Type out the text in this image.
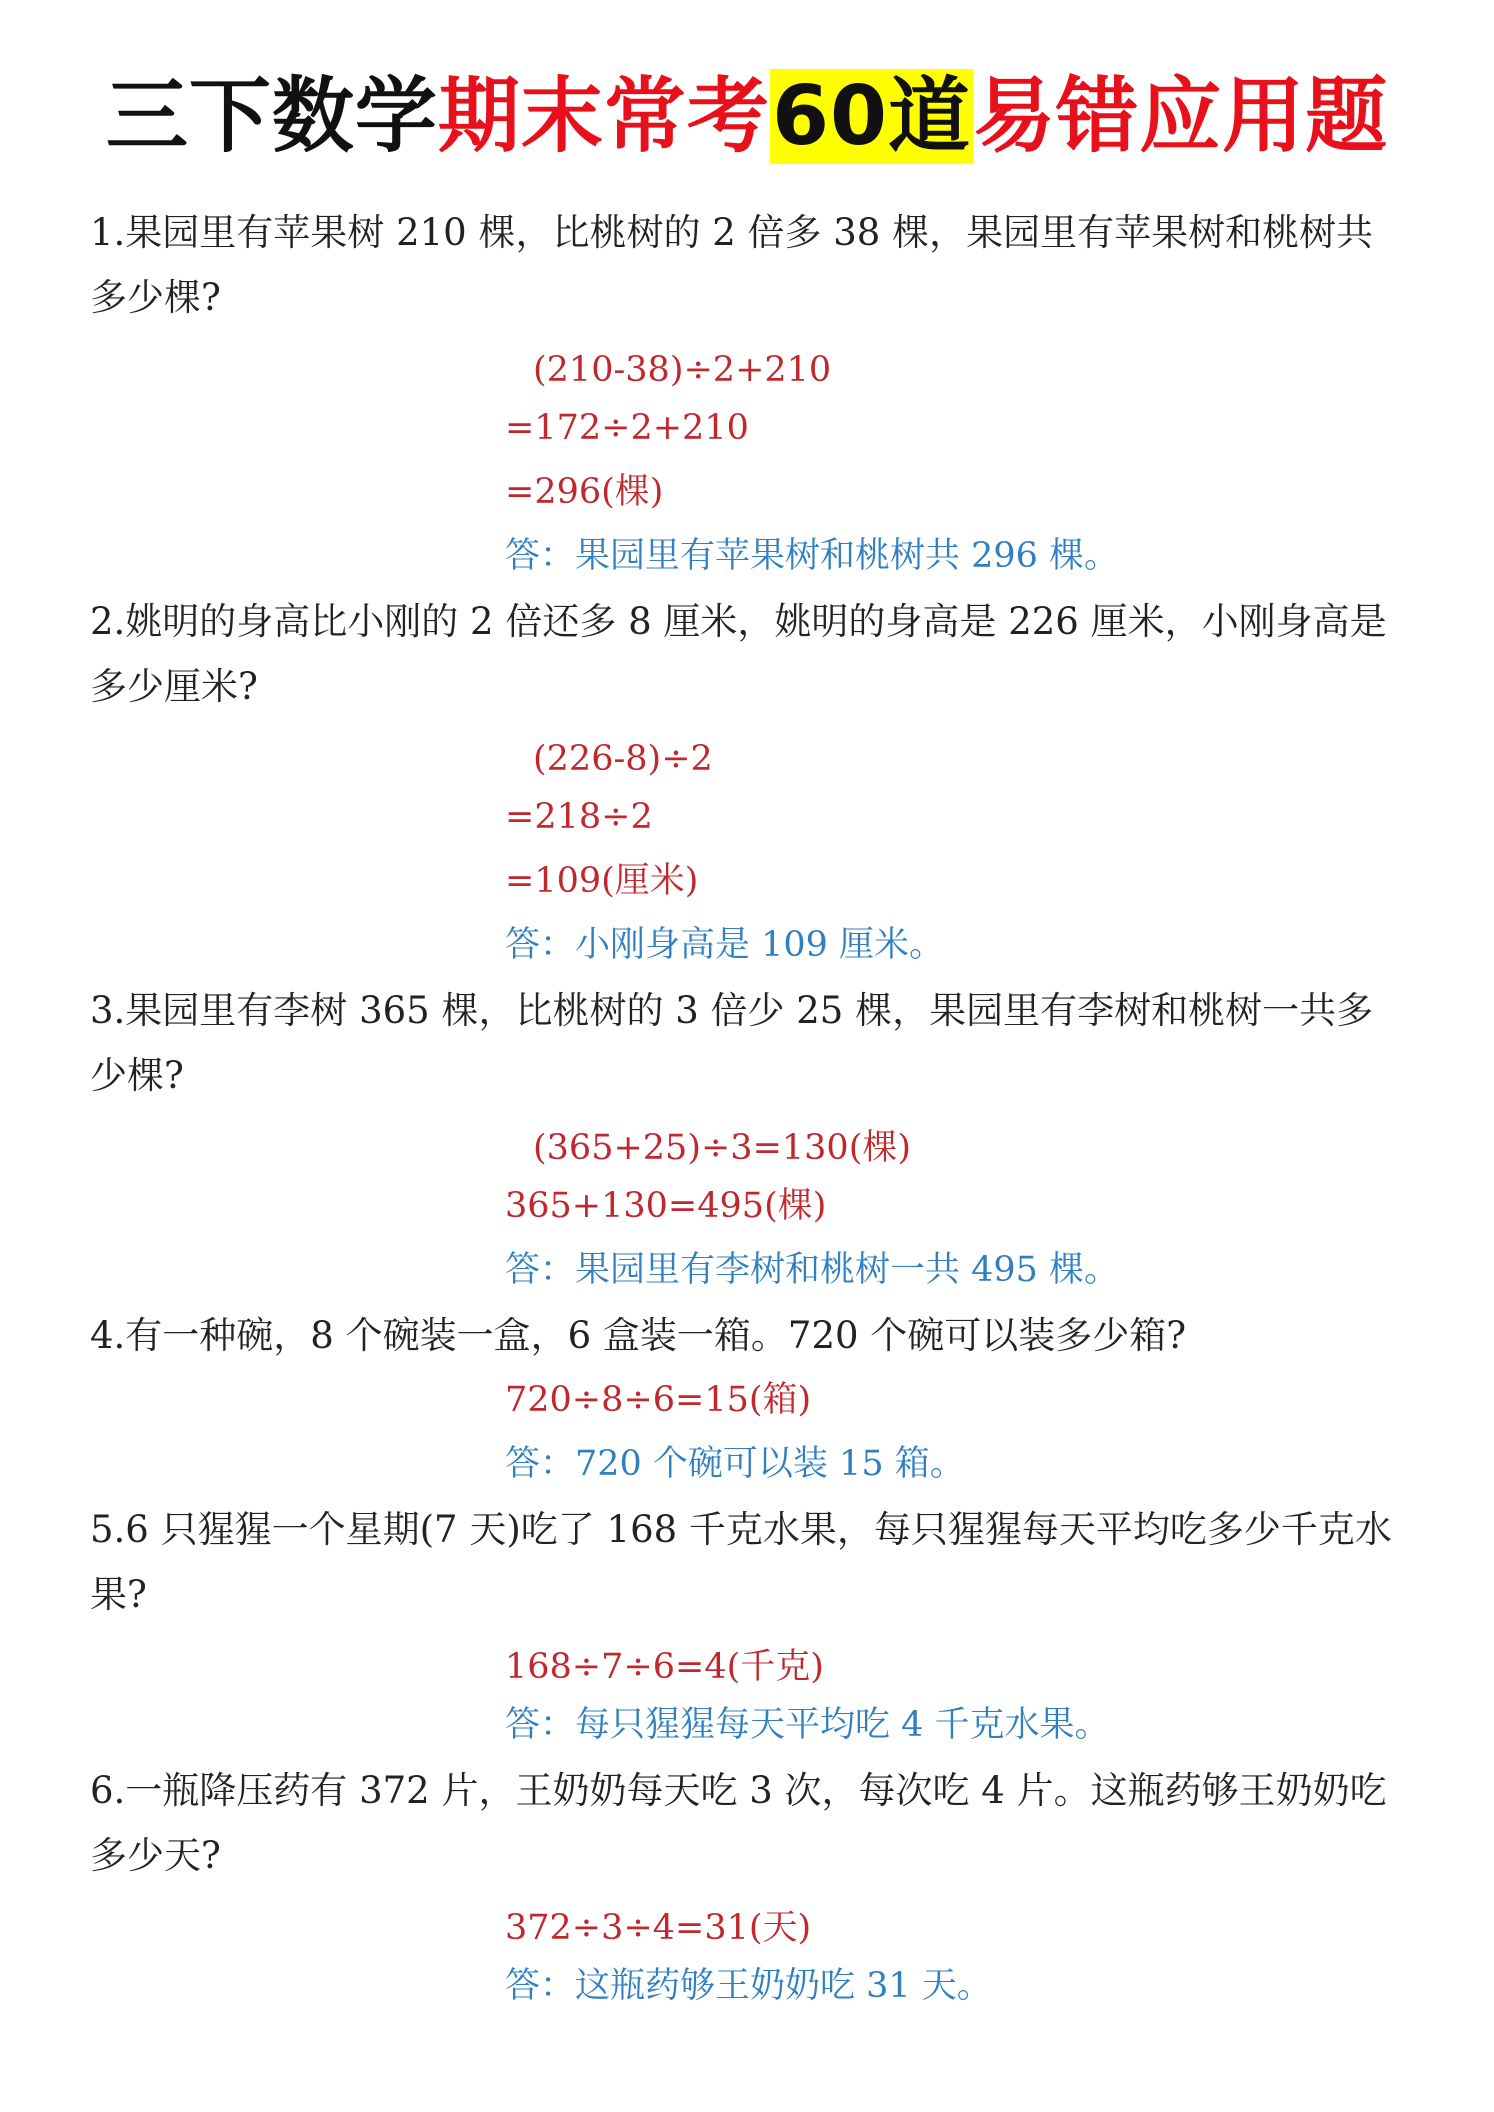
三下数学期末常考60道易错应用题

1.果园里有苹果树 210 棵，比桃树的 2 倍多 38 棵，果园里有苹果树和桃树共多少棵?

(210-38)÷2+210
=172÷2+210
=296(棵)
答：果园里有苹果树和桃树共 296 棵。

2.姚明的身高比小刚的 2 倍还多 8 厘米，姚明的身高是 226 厘米，小刚身高是多少厘米?

(226-8)÷2
=218÷2
=109(厘米)
答：小刚身高是 109 厘米。

3.果园里有李树 365 棵，比桃树的 3 倍少 25 棵，果园里有李树和桃树一共多少棵?

(365+25)÷3=130(棵)
365+130=495(棵)
答：果园里有李树和桃树一共 495 棵。

4.有一种碗，8 个碗装一盒，6 盒装一箱。720 个碗可以装多少箱?

720÷8÷6=15(箱)
答：720 个碗可以装 15 箱。

5.6 只猩猩一个星期(7 天)吃了 168 千克水果，每只猩猩每天平均吃多少千克水果?

168÷7÷6=4(千克)
答：每只猩猩每天平均吃 4 千克水果。

6.一瓶降压药有 372 片，王奶奶每天吃 3 次，每次吃 4 片。这瓶药够王奶奶吃多少天?

372÷3÷4=31(天)
答：这瓶药够王奶奶吃 31 天。
